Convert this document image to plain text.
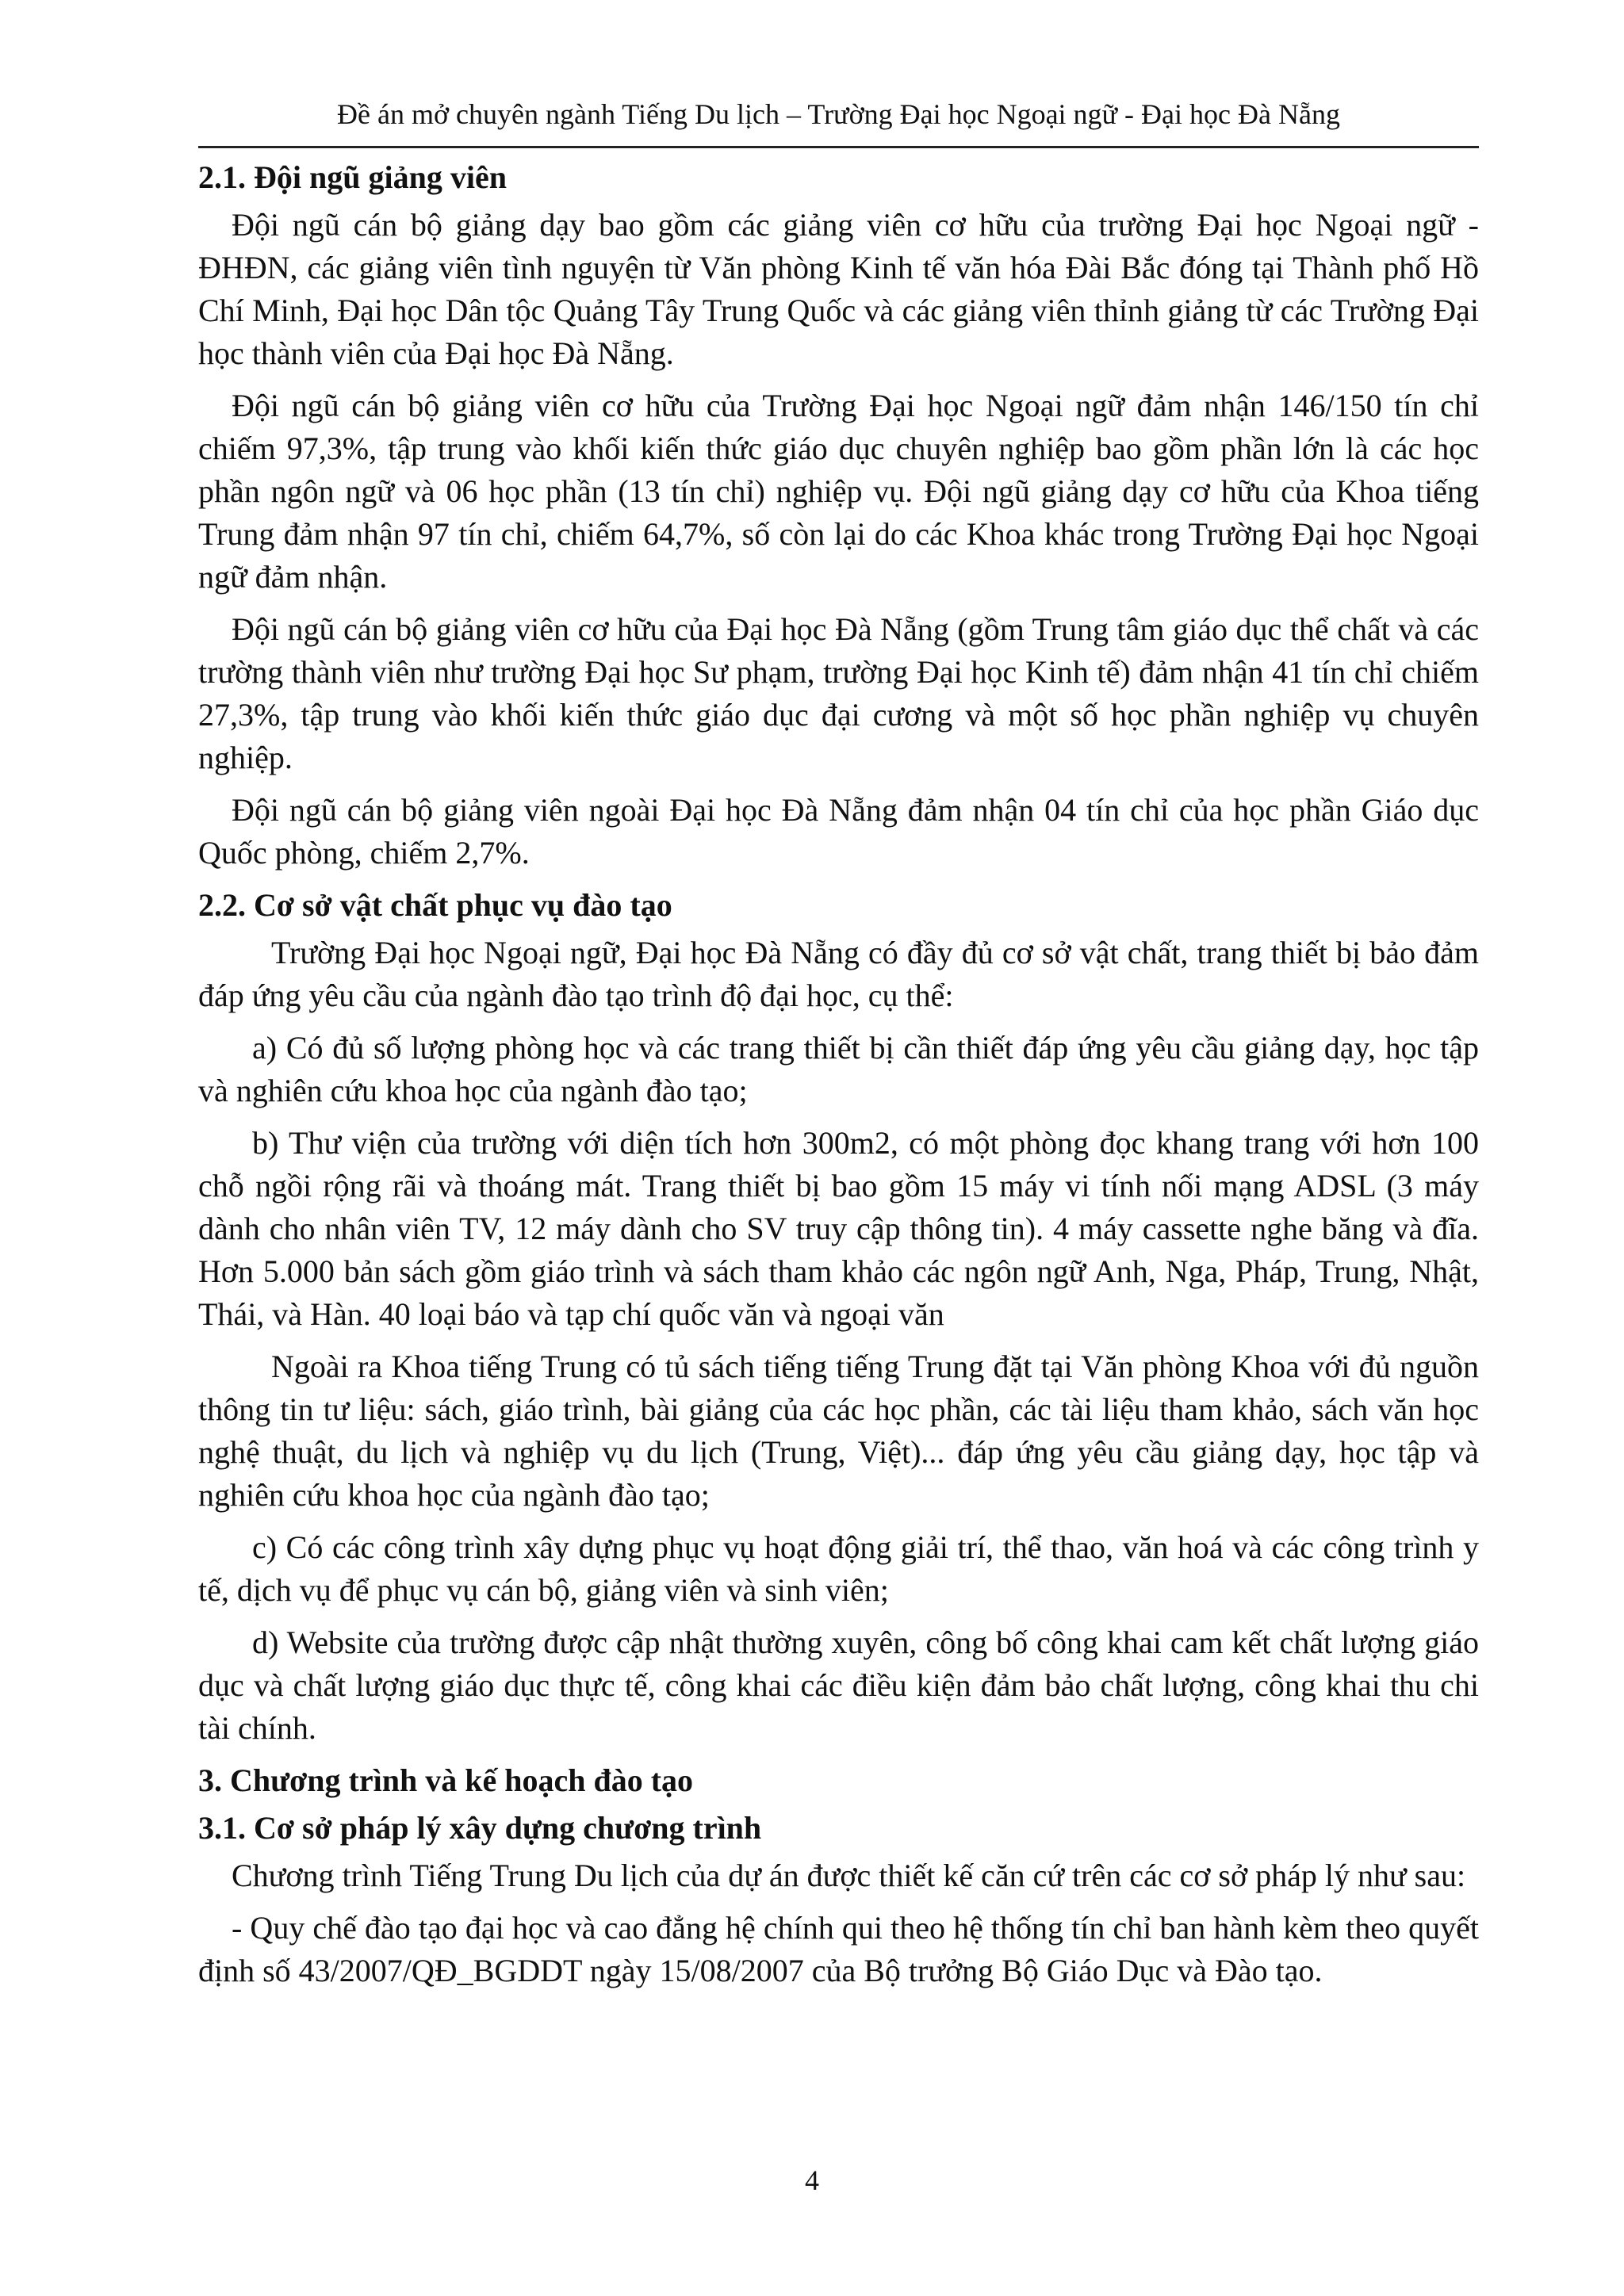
Đề án mở chuyên ngành Tiếng Du lịch – Trường Đại học Ngoại ngữ - Đại học Đà Nẵng
2.1. Đội ngũ giảng viên

Đội ngũ cán bộ giảng dạy bao gồm các giảng viên cơ hữu của trường Đại học Ngoại ngữ - ĐHĐN, các giảng viên tình nguyện từ Văn phòng Kinh tế văn hóa Đài Bắc đóng tại Thành phố Hồ Chí Minh, Đại học Dân tộc Quảng Tây Trung Quốc và các giảng viên thỉnh giảng từ các Trường Đại học thành viên của Đại học Đà Nẵng.

Đội ngũ cán bộ giảng viên cơ hữu của Trường Đại học Ngoại ngữ đảm nhận 146/150 tín chỉ chiếm 97,3%, tập trung vào khối kiến thức giáo dục chuyên nghiệp bao gồm phần lớn là các học phần ngôn ngữ và 06 học phần (13 tín chỉ) nghiệp vụ. Đội ngũ giảng dạy cơ hữu của Khoa tiếng Trung đảm nhận 97 tín chỉ, chiếm 64,7%, số còn lại do các Khoa khác trong Trường Đại học Ngoại ngữ đảm nhận.

Đội ngũ cán bộ giảng viên cơ hữu của Đại học Đà Nẵng (gồm Trung tâm giáo dục thể chất và các trường thành viên như trường Đại học Sư phạm, trường Đại học Kinh tế) đảm nhận 41 tín chỉ chiếm 27,3%, tập trung vào khối kiến thức giáo dục đại cương và một số học phần nghiệp vụ chuyên nghiệp.

Đội ngũ cán bộ giảng viên ngoài Đại học Đà Nẵng đảm nhận 04 tín chỉ của học phần Giáo dục Quốc phòng, chiếm 2,7%.

2.2. Cơ sở vật chất phục vụ đào tạo

Trường Đại học Ngoại ngữ, Đại học Đà Nẵng có đầy đủ cơ sở vật chất, trang thiết bị bảo đảm đáp ứng yêu cầu của ngành đào tạo trình độ đại học, cụ thể:

a) Có đủ số lượng phòng học và các trang thiết bị cần thiết đáp ứng yêu cầu giảng dạy, học tập và nghiên cứu khoa học của ngành đào tạo;

b) Thư viện của trường với diện tích hơn 300m2, có một phòng đọc khang trang với hơn 100 chỗ ngồi rộng rãi và thoáng mát. Trang thiết bị bao gồm 15 máy vi tính nối mạng ADSL (3 máy dành cho nhân viên TV, 12 máy dành cho SV truy cập thông tin). 4 máy cassette nghe băng và đĩa. Hơn 5.000 bản sách gồm giáo trình và sách tham khảo các ngôn ngữ Anh, Nga, Pháp, Trung, Nhật, Thái, và Hàn. 40 loại báo và tạp chí quốc văn và ngoại văn

Ngoài ra Khoa tiếng Trung có tủ sách tiếng tiếng Trung đặt tại Văn phòng Khoa với đủ nguồn thông tin tư liệu: sách, giáo trình, bài giảng của các học phần, các tài liệu tham khảo, sách văn học nghệ thuật, du lịch và nghiệp vụ du lịch (Trung, Việt)... đáp ứng yêu cầu giảng dạy, học tập và nghiên cứu khoa học của ngành đào tạo;

c) Có các công trình xây dựng phục vụ hoạt động giải trí, thể thao, văn hoá và các công trình y tế, dịch vụ để phục vụ cán bộ, giảng viên và sinh viên;

d) Website của trường được cập nhật thường xuyên, công bố công khai cam kết chất lượng giáo dục và chất lượng giáo dục thực tế, công khai các điều kiện đảm bảo chất lượng, công khai thu chi tài chính.

3. Chương trình và kế hoạch đào tạo
3.1. Cơ sở pháp lý xây dựng chương trình

Chương trình Tiếng Trung Du lịch của dự án được thiết kế căn cứ trên các cơ sở pháp lý như sau:

- Quy chế đào tạo đại học và cao đẳng hệ chính qui theo hệ thống tín chỉ ban hành kèm theo quyết định số 43/2007/QĐ_BGDDT ngày 15/08/2007 của Bộ trưởng Bộ Giáo Dục và Đào tạo.

4
